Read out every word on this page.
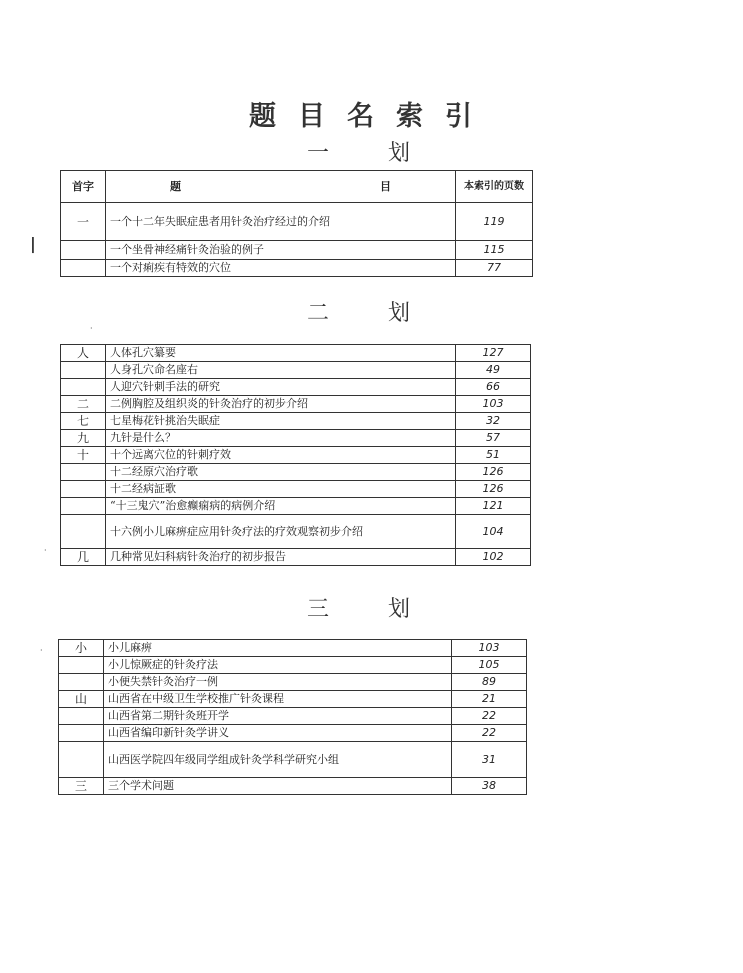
题目名索引
一 划
首字	题 目	本索引的页数
一	一个十二年失眠症患者用针灸治疗经过的介绍	119
	一个坐骨神经痛针灸治验的例子	115
	一个对痢疾有特效的穴位	77
二 划
人	人体孔穴纂要	127
	人身孔穴命名座右	49
	人迎穴针刺手法的研究	66
二	二例胸腔及组织炎的针灸治疗的初步介绍	103
七	七星梅花针挑治失眠症	32
九	九针是什么？	57
十	十个远离穴位的针刺疗效	51
	十二经原穴治疗歌	126
	十二经病証歌	126
	“十三鬼穴”治愈癫痫病的病例介绍	121
	十六例小儿麻痹症应用针灸疗法的疗效观察初步介绍	104
几	几种常见妇科病针灸治疗的初步报告	102
三 划
小	小儿麻痹	103
	小儿惊厥症的针灸疗法	105
	小便失禁针灸治疗一例	89
山	山西省在中级卫生学校推广针灸课程	21
	山西省第二期针灸班开学	22
	山西省编印新针灸学讲义	22
	山西医学院四年级同学组成针灸学科学研究小组	31
三	三个学术问题	38
|
·
·
·
